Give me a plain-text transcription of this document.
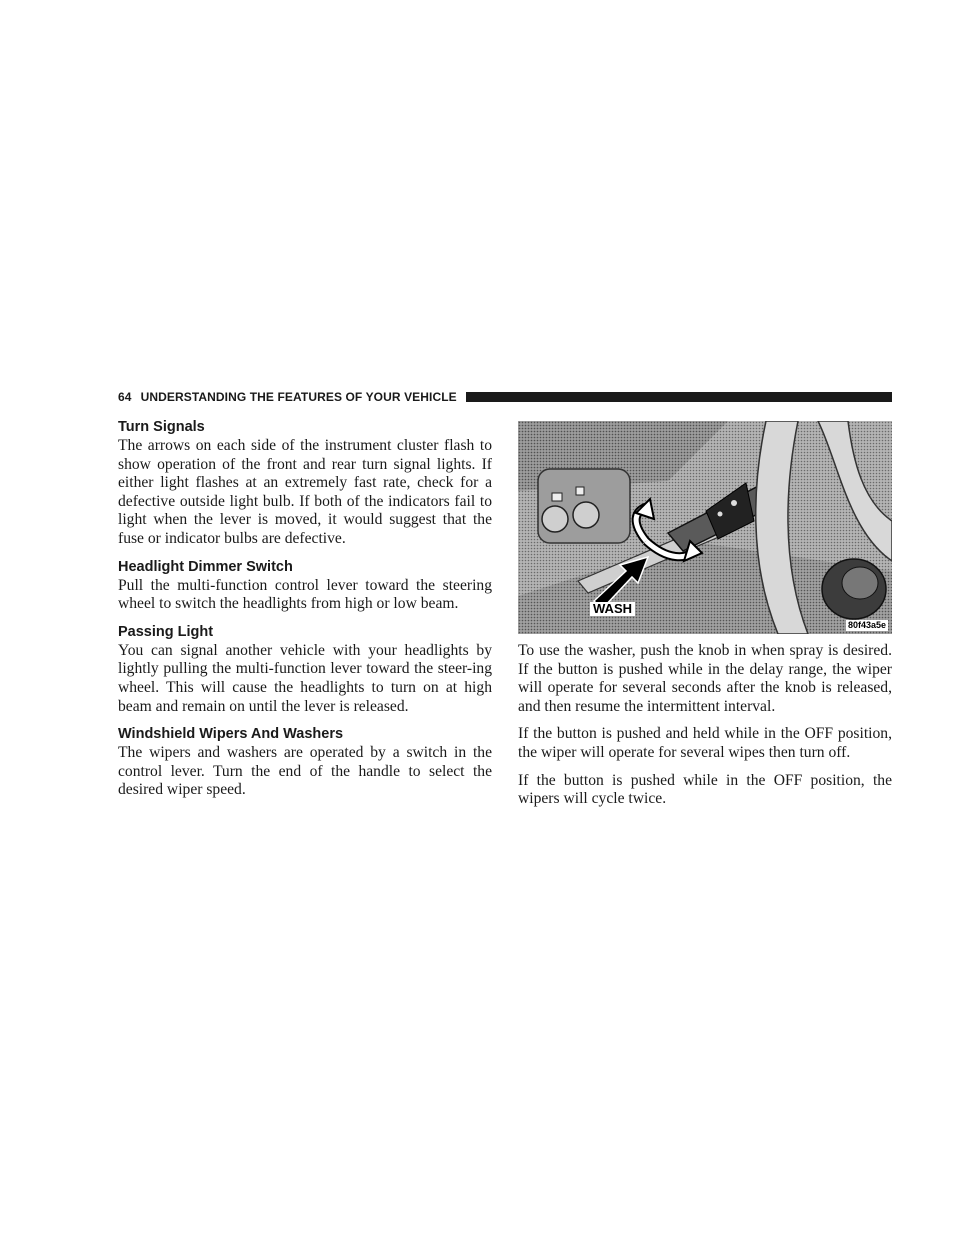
64 UNDERSTANDING THE FEATURES OF YOUR VEHICLE
Turn Signals

The arrows on each side of the instrument cluster flash to show operation of the front and rear turn signal lights. If either light flashes at an extremely fast rate, check for a defective outside light bulb. If both of the indicators fail to light when the lever is moved, it would suggest that the fuse or indicator bulbs are defective.

Headlight Dimmer Switch

Pull the multi-function control lever toward the steering wheel to switch the headlights from high or low beam.

Passing Light

You can signal another vehicle with your headlights by lightly pulling the multi-function lever toward the steer-ing wheel. This will cause the headlights to turn on at high beam and remain on until the lever is released.

Windshield Wipers And Washers

The wipers and washers are operated by a switch in the control lever. Turn the end of the handle to select the desired wiper speed.

WASH
80f43a5e

To use the washer, push the knob in when spray is desired. If the button is pushed while in the delay range, the wiper will operate for several seconds after the knob is released, and then resume the intermittent interval.

If the button is pushed and held while in the OFF position, the wiper will operate for several wipes then turn off.

If the button is pushed while in the OFF position, the wipers will cycle twice.
